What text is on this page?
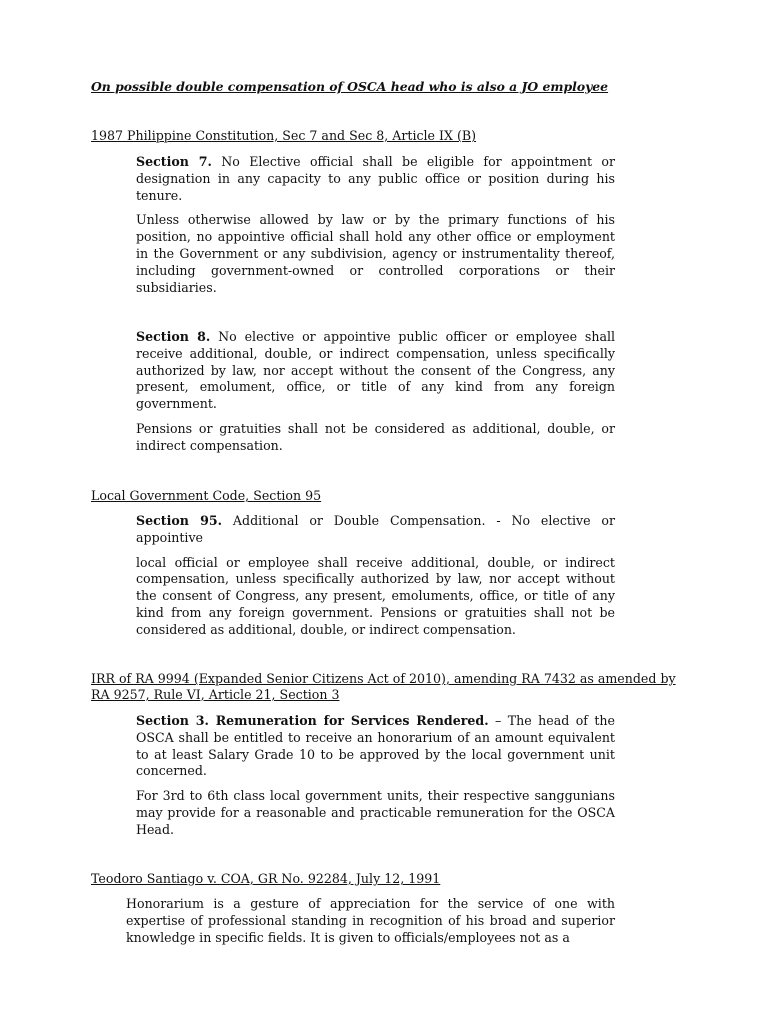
On possible double compensation of OSCA head who is also a JO employee
1987 Philippine Constitution, Sec 7 and Sec 8, Article IX (B)

Section 7. No Elective official shall be eligible for appointment or designation in any capacity to any public office or position during his tenure.

Unless otherwise allowed by law or by the primary functions of his position, no appointive official shall hold any other office or employment in the Government or any subdivision, agency or instrumentality thereof, including government-owned or controlled corporations or their subsidiaries.

Section 8. No elective or appointive public officer or employee shall receive additional, double, or indirect compensation, unless specifically authorized by law, nor accept without the consent of the Congress, any present, emolument, office, or title of any kind from any foreign government.

Pensions or gratuities shall not be considered as additional, double, or indirect compensation.

Local Government Code, Section 95

Section 95. Additional or Double Compensation. - No elective or appointive

local official or employee shall receive additional, double, or indirect compensation, unless specifically authorized by law, nor accept without the consent of Congress, any present, emoluments, office, or title of any kind from any foreign government. Pensions or gratuities shall not be considered as additional, double, or indirect compensation.

IRR of RA 9994 (Expanded Senior Citizens Act of 2010), amending RA 7432 as amended by RA 9257, Rule VI, Article 21, Section 3

Section 3. Remuneration for Services Rendered. – The head of the OSCA shall be entitled to receive an honorarium of an amount equivalent to at least Salary Grade 10 to be approved by the local government unit concerned.

For 3rd to 6th class local government units, their respective sanggunians may provide for a reasonable and practicable remuneration for the OSCA Head.

Teodoro Santiago v. COA, GR No. 92284, July 12, 1991

Honorarium is a gesture of appreciation for the service of one with expertise of professional standing in recognition of his broad and superior knowledge in specific fields. It is given to officials/employees not as a
